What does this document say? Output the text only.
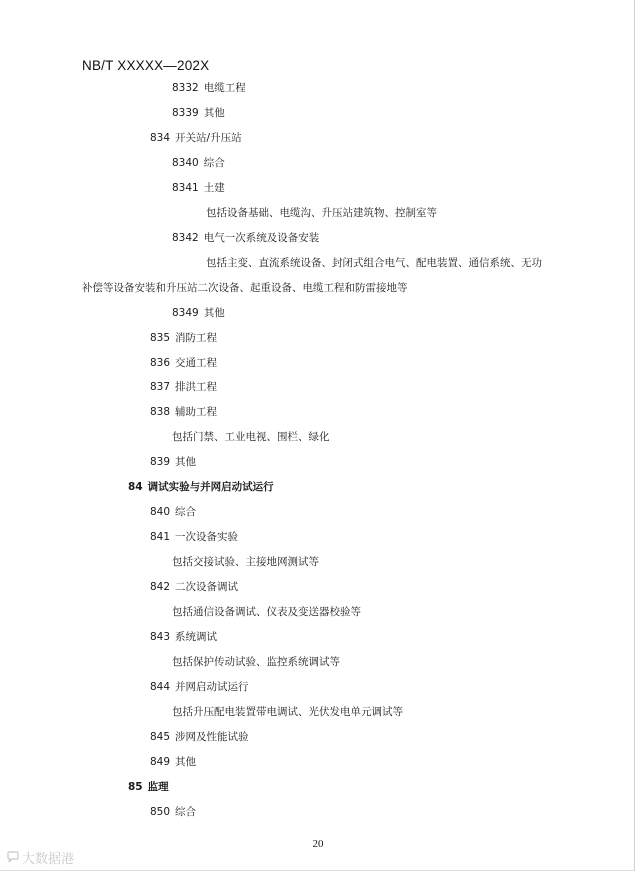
NB/T XXXXX—202X
8332 电缆工程
8339 其他
834 开关站/升压站
8340 综合
8341 土建
包括设备基础、电缆沟、升压站建筑物、控制室等
8342 电气一次系统及设备安装
包括主变、直流系统设备、封闭式组合电气、配电装置、通信系统、无功
补偿等设备安装和升压站二次设备、起重设备、电缆工程和防雷接地等
8349 其他
835 消防工程
836 交通工程
837 排洪工程
838 辅助工程
包括门禁、工业电视、围栏、绿化
839 其他
84 调试实验与并网启动试运行
840 综合
841 一次设备实验
包括交接试验、主接地网测试等
842 二次设备调试
包括通信设备调试、仪表及变送器校验等
843 系统调试
包括保护传动试验、监控系统调试等
844 并网启动试运行
包括升压配电装置带电调试、光伏发电单元调试等
845 涉网及性能试验
849 其他
85 监理
850 综合
20
大数据港
